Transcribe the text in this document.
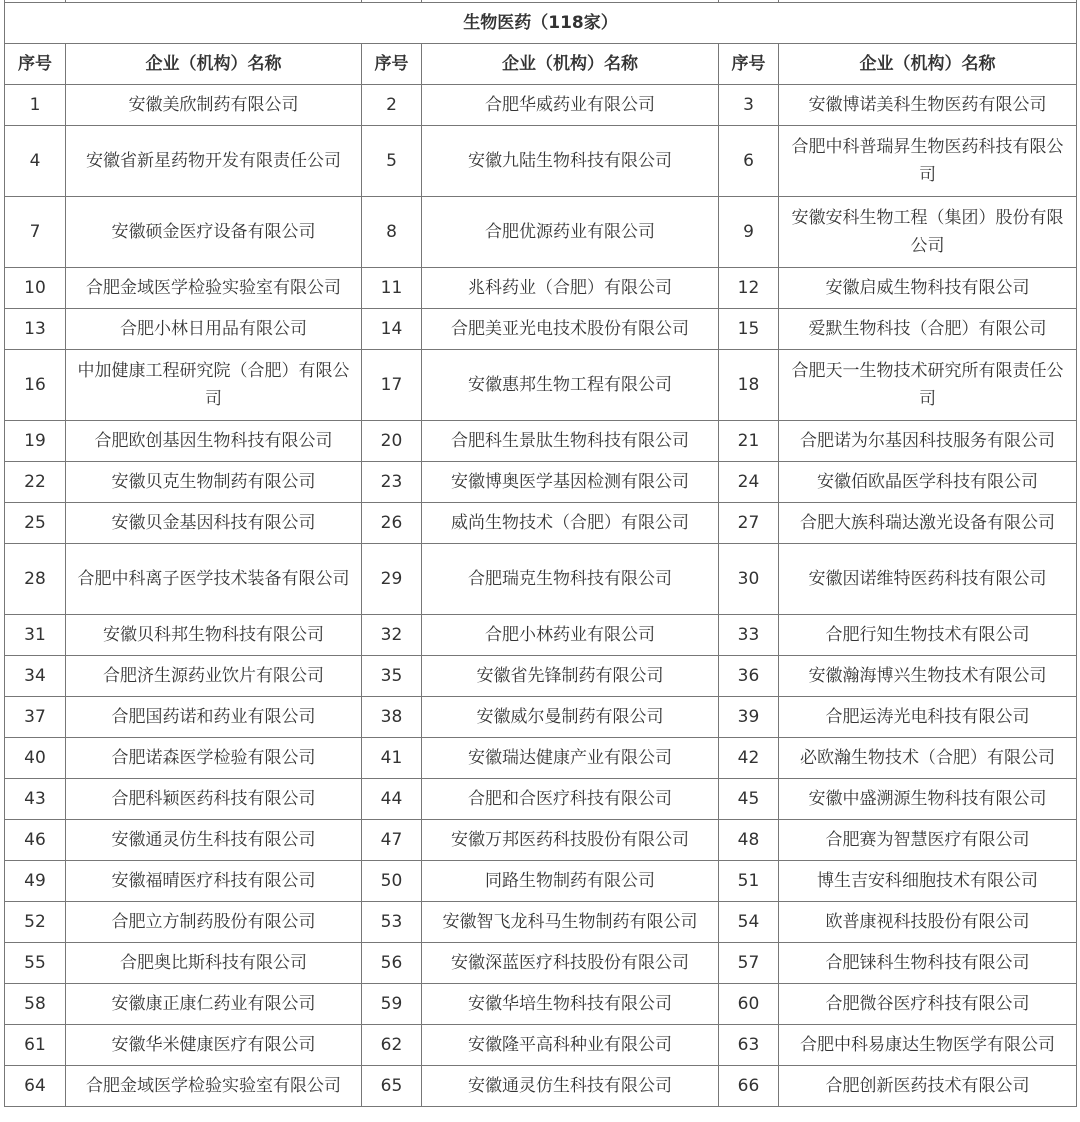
生物医药（118家）					
序号	企业（机构）名称	序号	企业（机构）名称	序号	企业（机构）名称
1	安徽美欣制药有限公司	2	合肥华威药业有限公司	3	安徽博诺美科生物医药有限公司
4	安徽省新星药物开发有限责任公司	5	安徽九陆生物科技有限公司	6	合肥中科普瑞昇生物医药科技有限公司
7	安徽硕金医疗设备有限公司	8	合肥优源药业有限公司	9	安徽安科生物工程（集团）股份有限公司
10	合肥金域医学检验实验室有限公司	11	兆科药业（合肥）有限公司	12	安徽启威生物科技有限公司
13	合肥小林日用品有限公司	14	合肥美亚光电技术股份有限公司	15	爱默生物科技（合肥）有限公司
16	中加健康工程研究院（合肥）有限公司	17	安徽惠邦生物工程有限公司	18	合肥天一生物技术研究所有限责任公司
19	合肥欧创基因生物科技有限公司	20	合肥科生景肽生物科技有限公司	21	合肥诺为尔基因科技服务有限公司
22	安徽贝克生物制药有限公司	23	安徽博奥医学基因检测有限公司	24	安徽佰欧晶医学科技有限公司
25	安徽贝金基因科技有限公司	26	威尚生物技术（合肥）有限公司	27	合肥大族科瑞达激光设备有限公司
28	合肥中科离子医学技术装备有限公司	29	合肥瑞克生物科技有限公司	30	安徽因诺维特医药科技有限公司
31	安徽贝科邦生物科技有限公司	32	合肥小林药业有限公司	33	合肥行知生物技术有限公司
34	合肥济生源药业饮片有限公司	35	安徽省先锋制药有限公司	36	安徽瀚海博兴生物技术有限公司
37	合肥国药诺和药业有限公司	38	安徽威尔曼制药有限公司	39	合肥运涛光电科技有限公司
40	合肥诺森医学检验有限公司	41	安徽瑞达健康产业有限公司	42	必欧瀚生物技术（合肥）有限公司
43	合肥科颖医药科技有限公司	44	合肥和合医疗科技有限公司	45	安徽中盛溯源生物科技有限公司
46	安徽通灵仿生科技有限公司	47	安徽万邦医药科技股份有限公司	48	合肥赛为智慧医疗有限公司
49	安徽福晴医疗科技有限公司	50	同路生物制药有限公司	51	博生吉安科细胞技术有限公司
52	合肥立方制药股份有限公司	53	安徽智飞龙科马生物制药有限公司	54	欧普康视科技股份有限公司
55	合肥奥比斯科技有限公司	56	安徽深蓝医疗科技股份有限公司	57	合肥铼科生物科技有限公司
58	安徽康正康仁药业有限公司	59	安徽华培生物科技有限公司	60	合肥微谷医疗科技有限公司
61	安徽华米健康医疗有限公司	62	安徽隆平高科种业有限公司	63	合肥中科易康达生物医学有限公司
64	合肥金域医学检验实验室有限公司	65	安徽通灵仿生科技有限公司	66	合肥创新医药技术有限公司
